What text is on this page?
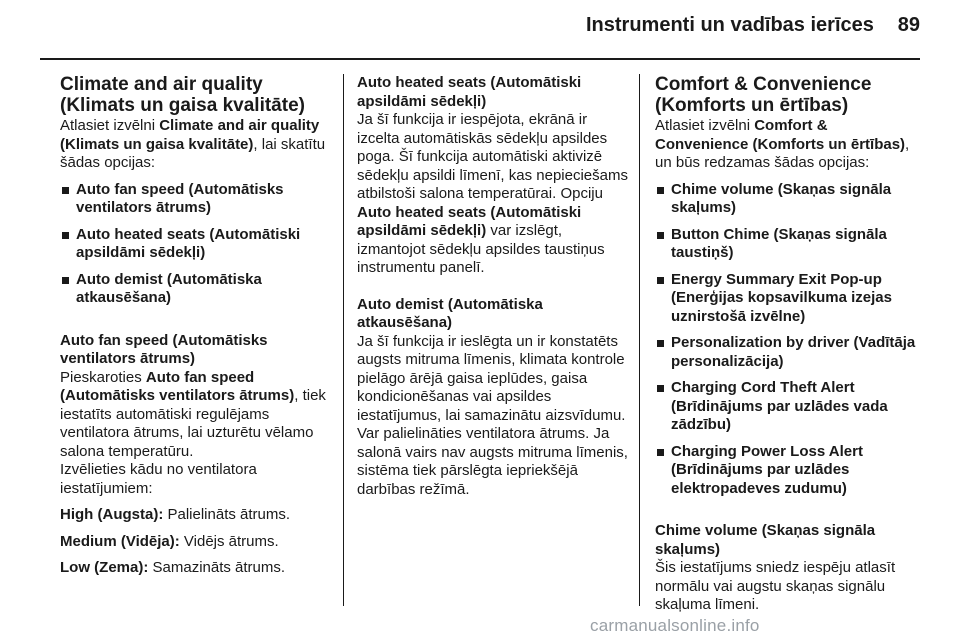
Instrumenti un vadības ierīces	89
Climate and air quality (Klimats un gaisa kvalitāte)

Atlasiet izvēlni Climate and air quality (Klimats un gaisa kvalitāte), lai skatītu šādas opcijas:

Auto fan speed (Automātisks ventilators ātrums)
Auto heated seats (Automātiski apsildāmi sēdekļi)
Auto demist (Automātiska atkausēšana)
Auto fan speed (Automātisks ventilators ātrums)

Pieskaroties Auto fan speed (Automātisks ventilators ātrums), tiek iestatīts automātiski regulējams ventilatora ātrums, lai uzturētu vēlamo salona temperatūru.

Izvēlieties kādu no ventilatora iestatījumiem:

High (Augsta): Palielināts ātrums.

Medium (Vidēja): Vidējs ātrums.

Low (Zema): Samazināts ātrums.

Auto heated seats (Automātiski apsildāmi sēdekļi)

Ja šī funkcija ir iespējota, ekrānā ir izcelta automātiskās sēdekļu apsildes poga. Šī funkcija automātiski aktivizē sēdekļu apsildi līmenī, kas nepieciešams atbilstoši salona temperatūrai. Opciju Auto heated seats (Automātiski apsildāmi sēdekļi) var izslēgt, izmantojot sēdekļu apsildes taustiņus instrumentu panelī.

Auto demist (Automātiska atkausēšana)

Ja šī funkcija ir ieslēgta un ir konstatēts augsts mitruma līmenis, klimata kontrole pielāgo ārējā gaisa ieplūdes, gaisa kondicionēšanas vai apsildes iestatījumus, lai samazinātu aizsvīdumu. Var palielināties ventilatora ātrums. Ja salonā vairs nav augsts mitruma līmenis, sistēma tiek pārslēgta iepriekšējā darbības režīmā.

Comfort & Convenience (Komforts un ērtības)

Atlasiet izvēlni Comfort & Convenience (Komforts un ērtības), un būs redzamas šādas opcijas:

Chime volume (Skaņas signāla skaļums)
Button Chime (Skaņas signāla taustiņš)
Energy Summary Exit Pop-up (Enerģijas kopsavilkuma izejas uznirstošā izvēlne)
Personalization by driver (Vadītāja personalizācija)
Charging Cord Theft Alert (Brīdinājums par uzlādes vada zādzību)
Charging Power Loss Alert (Brīdinājums par uzlādes elektropadeves zudumu)
Chime volume (Skaņas signāla skaļums)

Šis iestatījums sniedz iespēju atlasīt normālu vai augstu skaņas signālu skaļuma līmeni.

carmanualsonline.info
